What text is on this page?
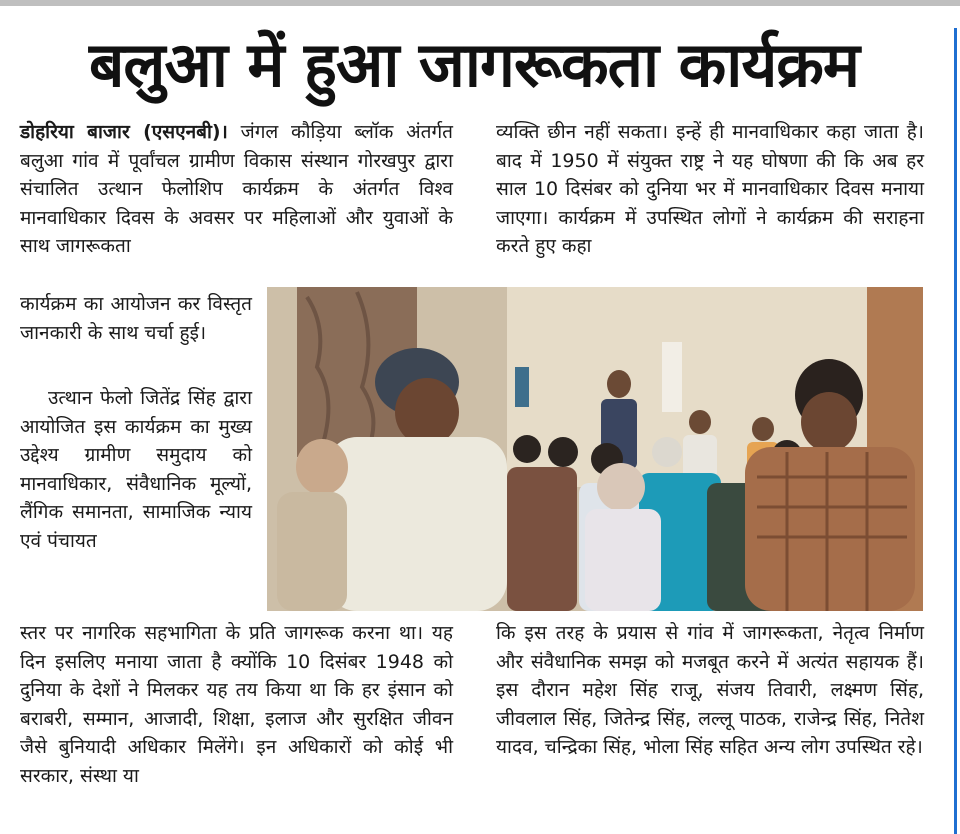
बलुआ में हुआ जागरूकता कार्यक्रम

डोहरिया बाजार (एसएनबी)। जंगल कौड़िया ब्लॉक अंतर्गत बलुआ गांव में पूर्वांचल ग्रामीण विकास संस्थान गोरखपुर द्वारा संचालित उत्थान फेलोशिप कार्यक्रम के अंतर्गत विश्व मानवाधिकार दिवस के अवसर पर महिलाओं और युवाओं के साथ जागरूकता

कार्यक्रम का आयोजन कर विस्तृत जानकारी के साथ चर्चा हुई।

उत्थान फेलो जितेंद्र सिंह द्वारा आयोजित इस कार्यक्रम का मुख्य उद्देश्य ग्रामीण समुदाय को मानवाधिकार, संवैधानिक मूल्यों, लैंगिक समानता, सामाजिक न्याय एवं पंचायत

स्तर पर नागरिक सहभागिता के प्रति जागरूक करना था। यह दिन इसलिए मनाया जाता है क्योंकि 10 दिसंबर 1948 को दुनिया के देशों ने मिलकर यह तय किया था कि हर इंसान को बराबरी, सम्मान, आजादी, शिक्षा, इलाज और सुरक्षित जीवन जैसे बुनियादी अधिकार मिलेंगे। इन अधिकारों को कोई भी सरकार, संस्था या

व्यक्ति छीन नहीं सकता। इन्हें ही मानवाधिकार कहा जाता है। बाद में 1950 में संयुक्त राष्ट्र ने यह घोषणा की कि अब हर साल 10 दिसंबर को दुनिया भर में मानवाधिकार दिवस मनाया जाएगा। कार्यक्रम में उपस्थित लोगों ने कार्यक्रम की सराहना करते हुए कहा

कि इस तरह के प्रयास से गांव में जागरूकता, नेतृत्व निर्माण और संवैधानिक समझ को मजबूत करने में अत्यंत सहायक हैं। इस दौरान महेश सिंह राजू, संजय तिवारी, लक्ष्मण सिंह, जीवलाल सिंह, जितेन्द्र सिंह, लल्लू पाठक, राजेन्द्र सिंह, नितेश यादव, चन्द्रिका सिंह, भोला सिंह सहित अन्य लोग उपस्थित रहे।
